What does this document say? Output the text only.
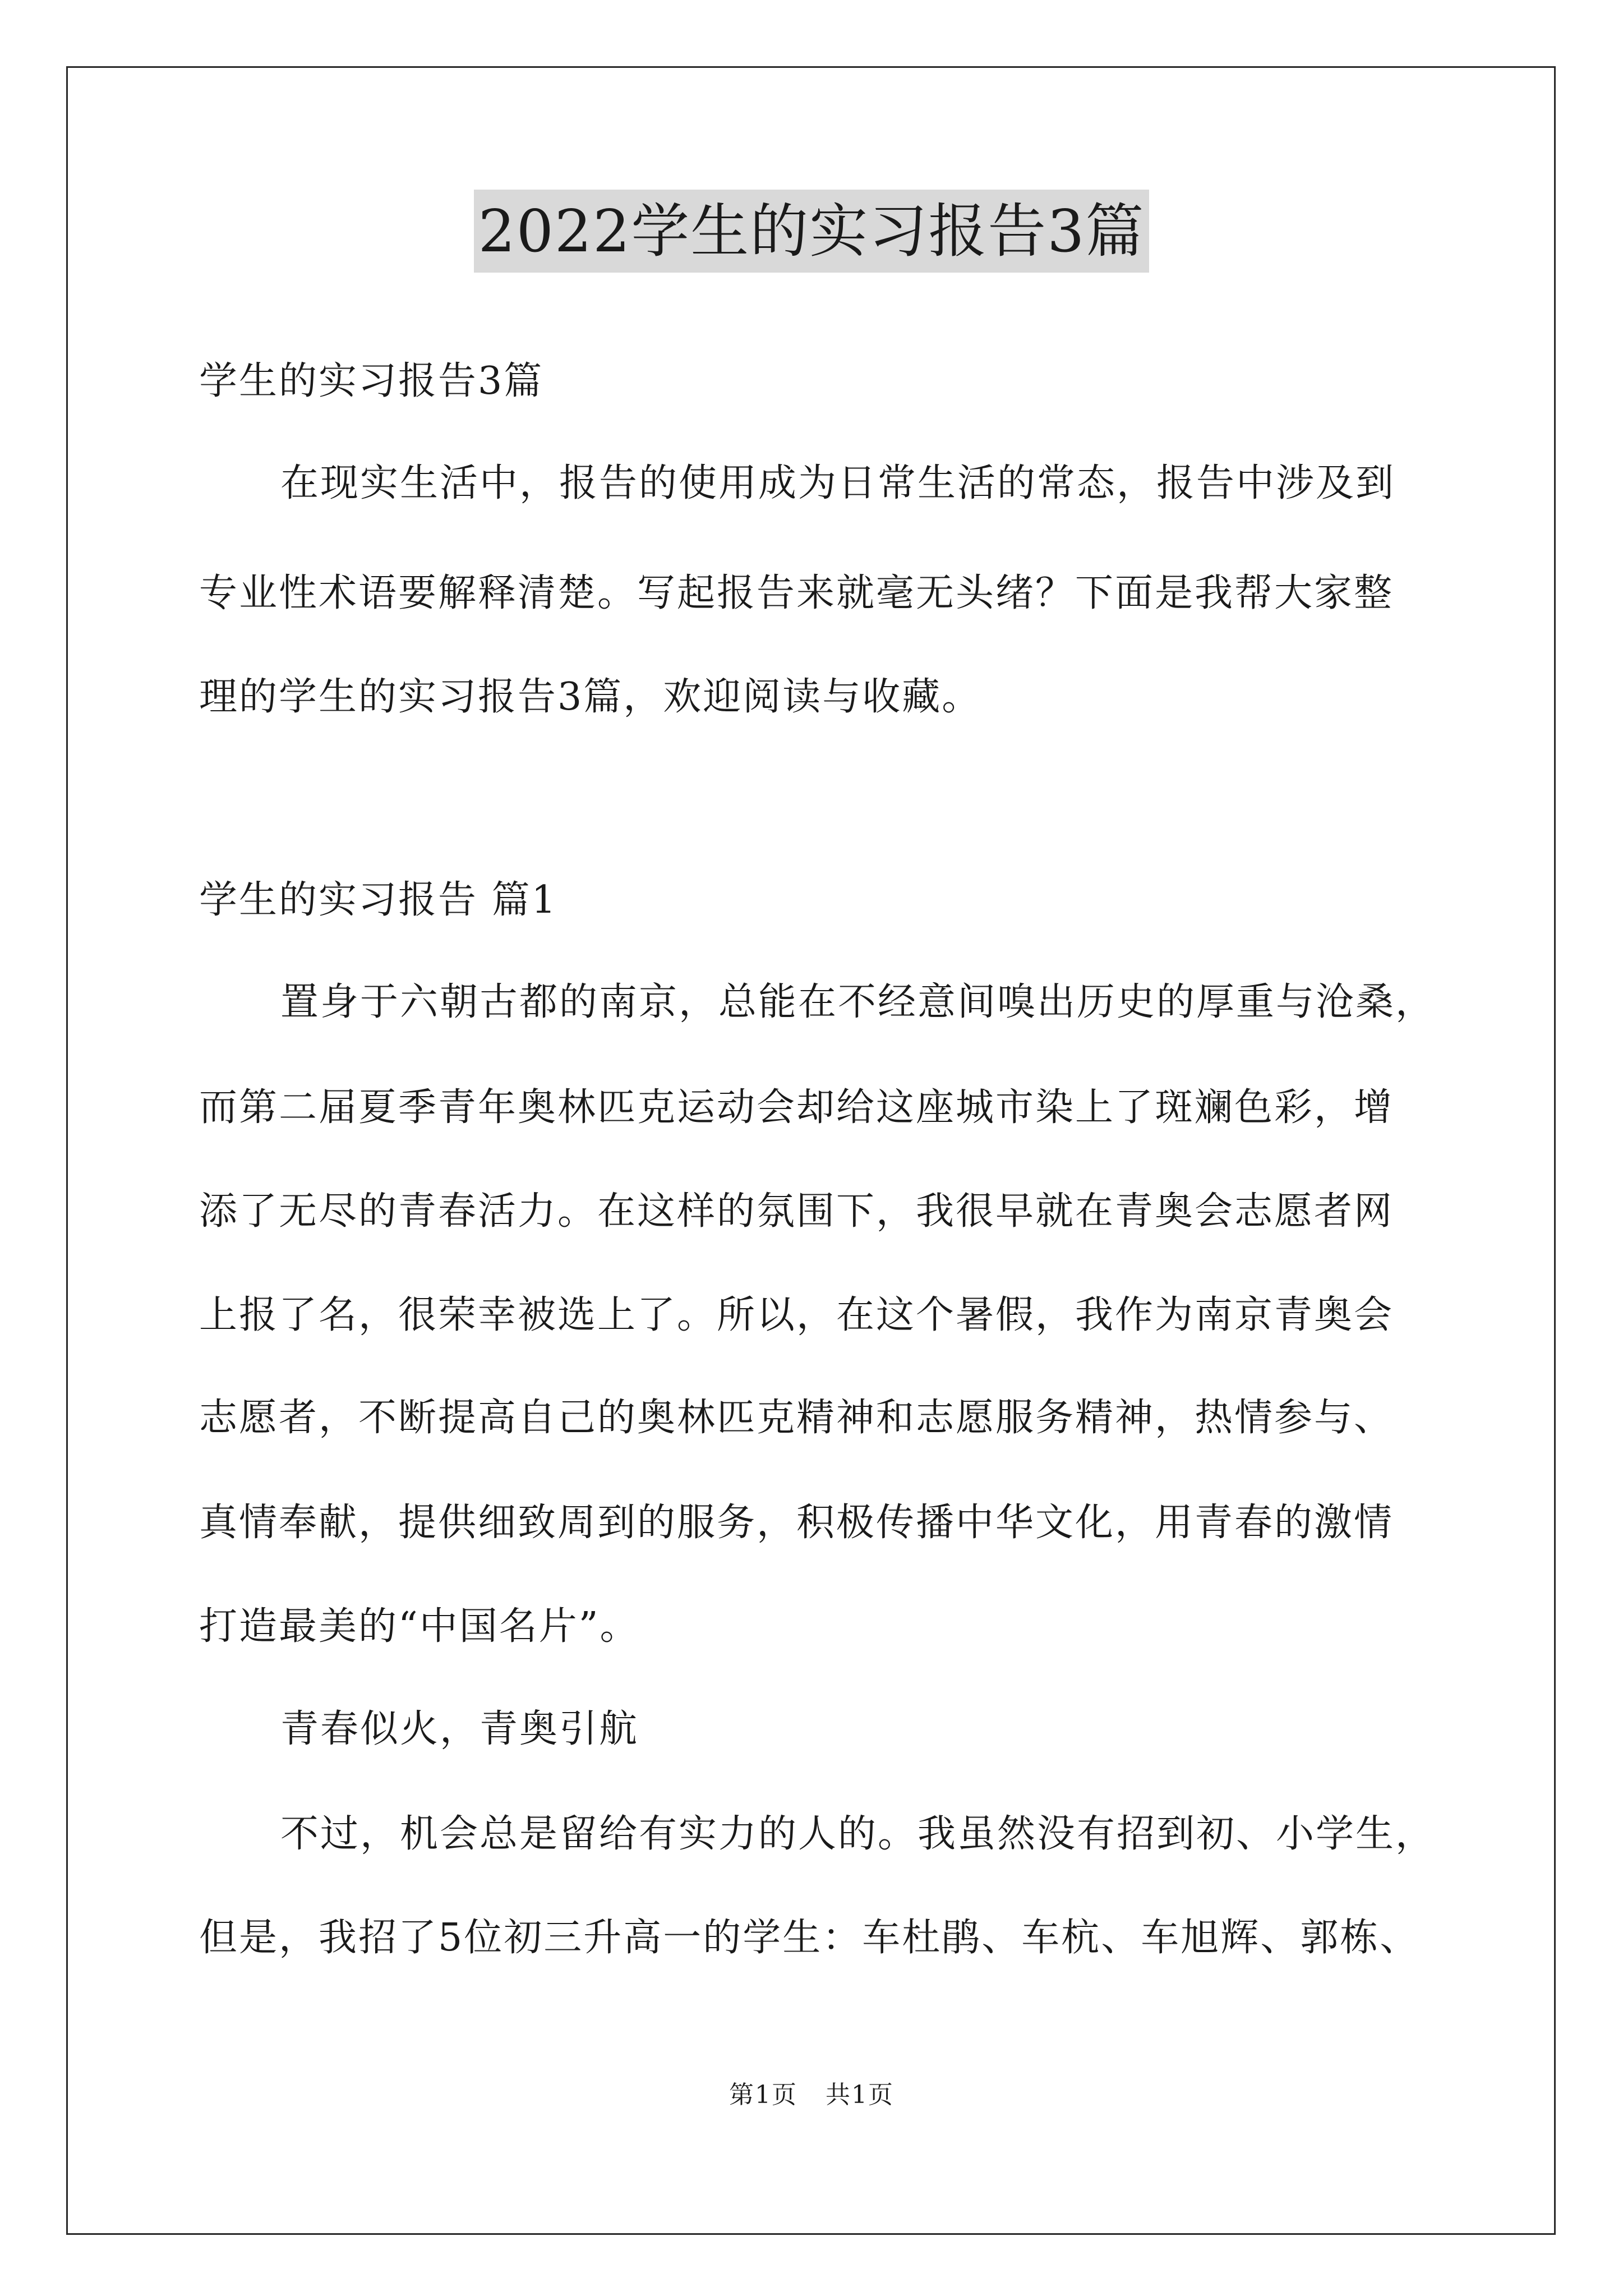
2022学生的实习报告3篇
学生的实习报告3篇
在现实生活中，报告的使用成为日常生活的常态，报告中涉及到
专业性术语要解释清楚。写起报告来就毫无头绪？下面是我帮大家整
理的学生的实习报告3篇，欢迎阅读与收藏。
学生的实习报告 篇1
置身于六朝古都的南京，总能在不经意间嗅出历史的厚重与沧桑，
而第二届夏季青年奥林匹克运动会却给这座城市染上了斑斓色彩，增
添了无尽的青春活力。在这样的氛围下，我很早就在青奥会志愿者网
上报了名，很荣幸被选上了。所以，在这个暑假，我作为南京青奥会
志愿者，不断提高自己的奥林匹克精神和志愿服务精神，热情参与、
真情奉献，提供细致周到的服务，积极传播中华文化，用青春的激情
打造最美的“中国名片”。
青春似火，青奥引航
不过，机会总是留给有实力的人的。我虽然没有招到初、小学生，
但是，我招了5位初三升高一的学生：车杜鹃、车杭、车旭辉、郭栋、
第1页 共1页
